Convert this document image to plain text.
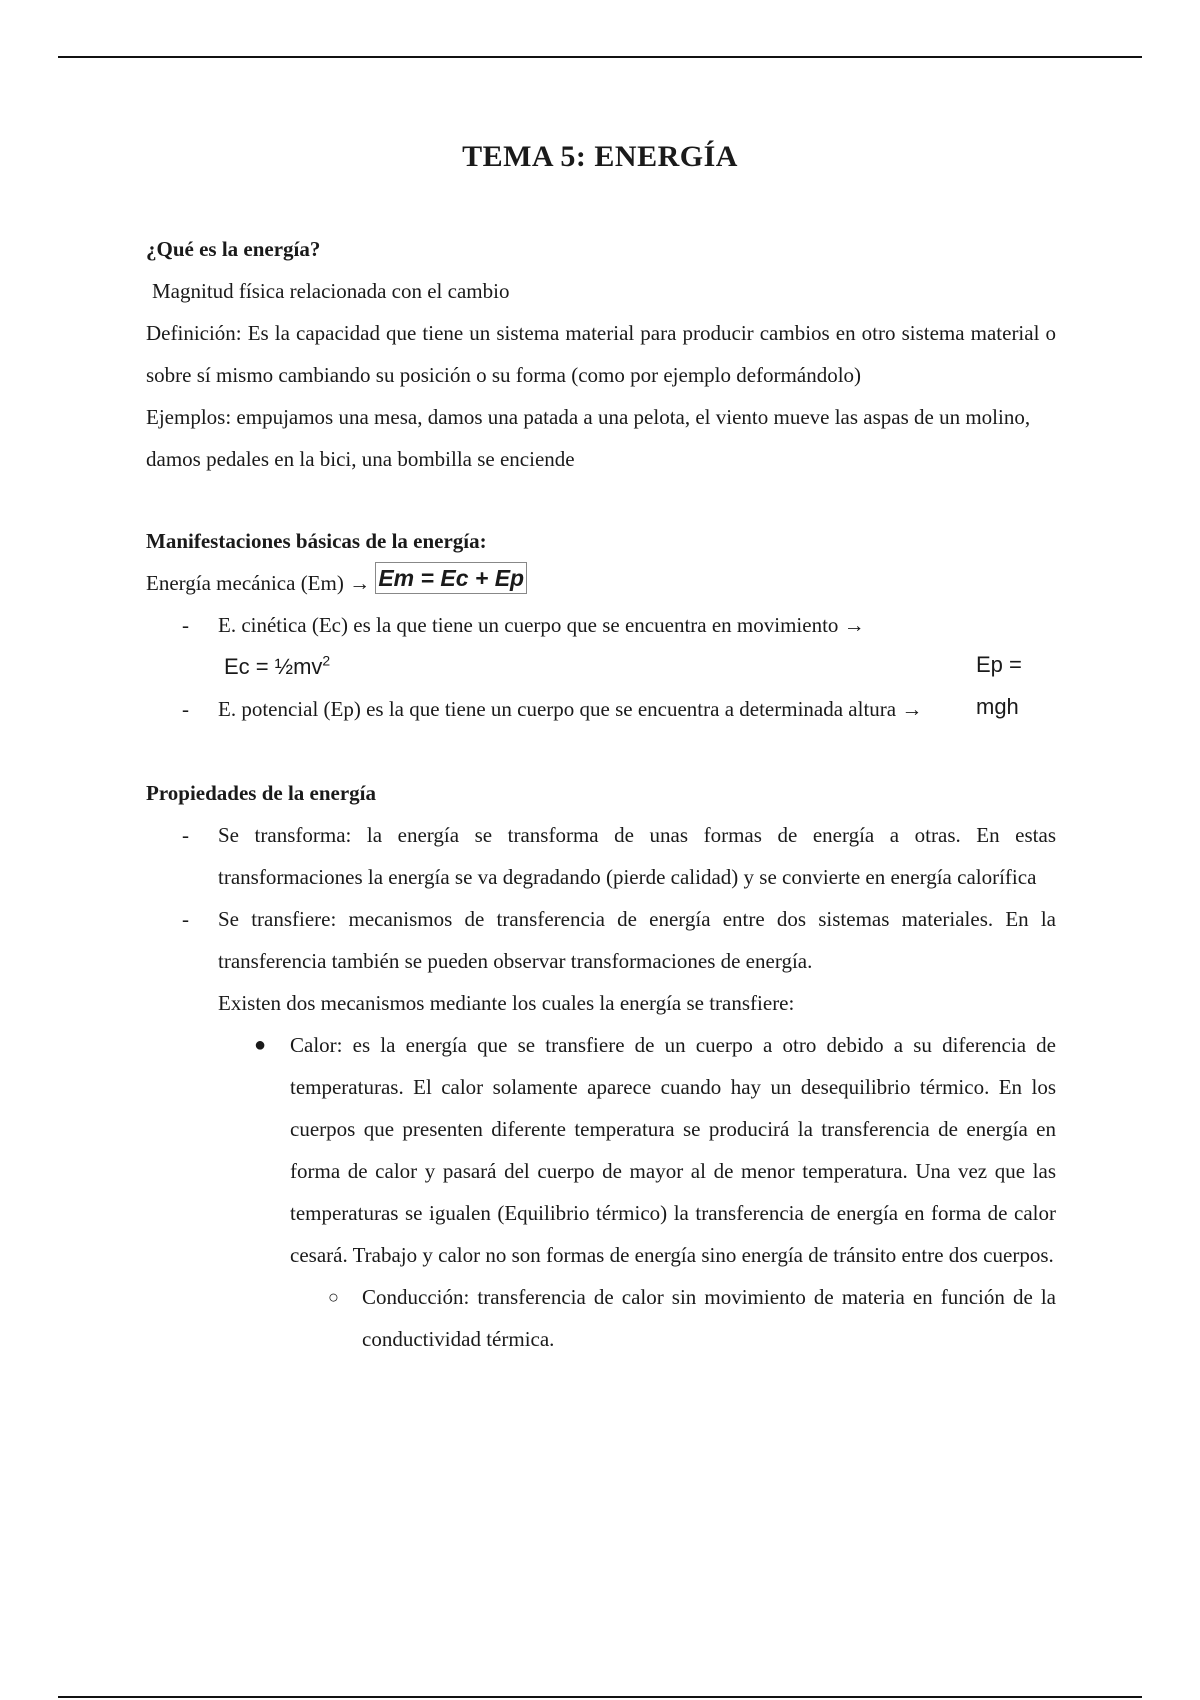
TEMA 5: ENERGÍA

¿Qué es la energía?

Magnitud física relacionada con el cambio

Definición: Es la capacidad que tiene un sistema material para producir cambios en otro sistema material o sobre sí mismo cambiando su posición o su forma (como por ejemplo deformándolo)

Ejemplos: empujamos una mesa, damos una patada a una pelota, el viento mueve las aspas de un molino, damos pedales en la bici, una bombilla se enciende

Manifestaciones básicas de la energía:

Energía mecánica (Em) → Em = Ec + Ep

- E. cinética (Ec) es la que tiene un cuerpo que se encuentra en movimiento →
$Ec = \frac{1}{2}mv^2$	Ep = mgh
- E. potencial (Ep) es la que tiene un cuerpo que se encuentra a determinada altura →

Propiedades de la energía

- Se transforma: la energía se transforma de unas formas de energía a otras. En estas transformaciones la energía se va degradando (pierde calidad) y se convierte en energía calorífica
- Se transfiere: mecanismos de transferencia de energía entre dos sistemas materiales. En la transferencia también se pueden observar transformaciones de energía.

Existen dos mecanismos mediante los cuales la energía se transfiere:

● Calor: es la energía que se transfiere de un cuerpo a otro debido a su diferencia de temperaturas. El calor solamente aparece cuando hay un desequilibrio térmico. En los cuerpos que presenten diferente temperatura se producirá la transferencia de energía en forma de calor y pasará del cuerpo de mayor al de menor temperatura. Una vez que las temperaturas se igualen (Equilibrio térmico) la transferencia de energía en forma de calor cesará. Trabajo y calor no son formas de energía sino energía de tránsito entre dos cuerpos.
○ Conducción: transferencia de calor sin movimiento de materia en función de la conductividad térmica.
